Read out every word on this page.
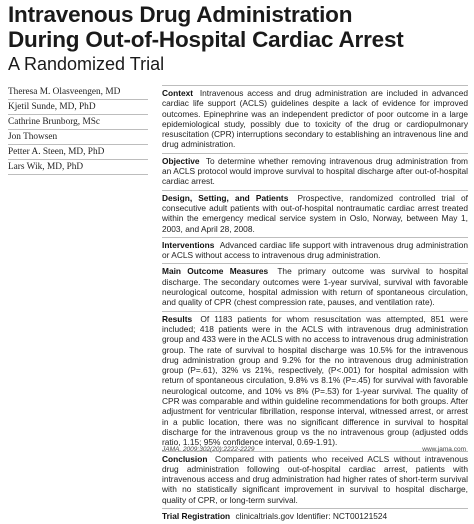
Intravenous Drug Administration
During Out-of-Hospital Cardiac Arrest
A Randomized Trial
Theresa M. Olasveengen, MD
Kjetil Sunde, MD, PhD
Cathrine Brunborg, MSc
Jon Thowsen
Petter A. Steen, MD, PhD
Lars Wik, MD, PhD
Context Intravenous access and drug administration are included in advanced cardiac life support (ACLS) guidelines despite a lack of evidence for improved outcomes. Epinephrine was an independent predictor of poor outcome in a large epidemiological study, possibly due to toxicity of the drug or cardiopulmonary resuscitation (CPR) interruptions secondary to establishing an intravenous line and drug administration.
Objective To determine whether removing intravenous drug administration from an ACLS protocol would improve survival to hospital discharge after out-of-hospital cardiac arrest.
Design, Setting, and Patients Prospective, randomized controlled trial of consecutive adult patients with out-of-hospital nontraumatic cardiac arrest treated within the emergency medical service system in Oslo, Norway, between May 1, 2003, and April 28, 2008.
Interventions Advanced cardiac life support with intravenous drug administration or ACLS without access to intravenous drug administration.
Main Outcome Measures The primary outcome was survival to hospital discharge. The secondary outcomes were 1-year survival, survival with favorable neurological outcome, hospital admission with return of spontaneous circulation, and quality of CPR (chest compression rate, pauses, and ventilation rate).
Results Of 1183 patients for whom resuscitation was attempted, 851 were included; 418 patients were in the ACLS with intravenous drug administration group and 433 were in the ACLS with no access to intravenous drug administration group. The rate of survival to hospital discharge was 10.5% for the intravenous drug administration group and 9.2% for the no intravenous drug administration group (P=.61), 32% vs 21%, respectively, (P<.001) for hospital admission with return of spontaneous circulation, 9.8% vs 8.1% (P=.45) for survival with favorable neurological outcome, and 10% vs 8% (P=.53) for 1-year survival. The quality of CPR was comparable and within guideline recommendations for both groups. After adjustment for ventricular fibrillation, response interval, witnessed arrest, or arrest in a public location, there was no significant difference in survival to hospital discharge for the intravenous group vs the no intravenous group (adjusted odds ratio, 1.15; 95% confidence interval, 0.69-1.91).
Conclusion Compared with patients who received ACLS without intravenous drug administration following out-of-hospital cardiac arrest, patients with intravenous access and drug administration had higher rates of short-term survival with no statistically significant improvement in survival to hospital discharge, quality of CPR, or long-term survival.
Trial Registration clinicaltrials.gov Identifier: NCT00121524
JAMA. 2009;302(20):2222-2229	www.jama.com
